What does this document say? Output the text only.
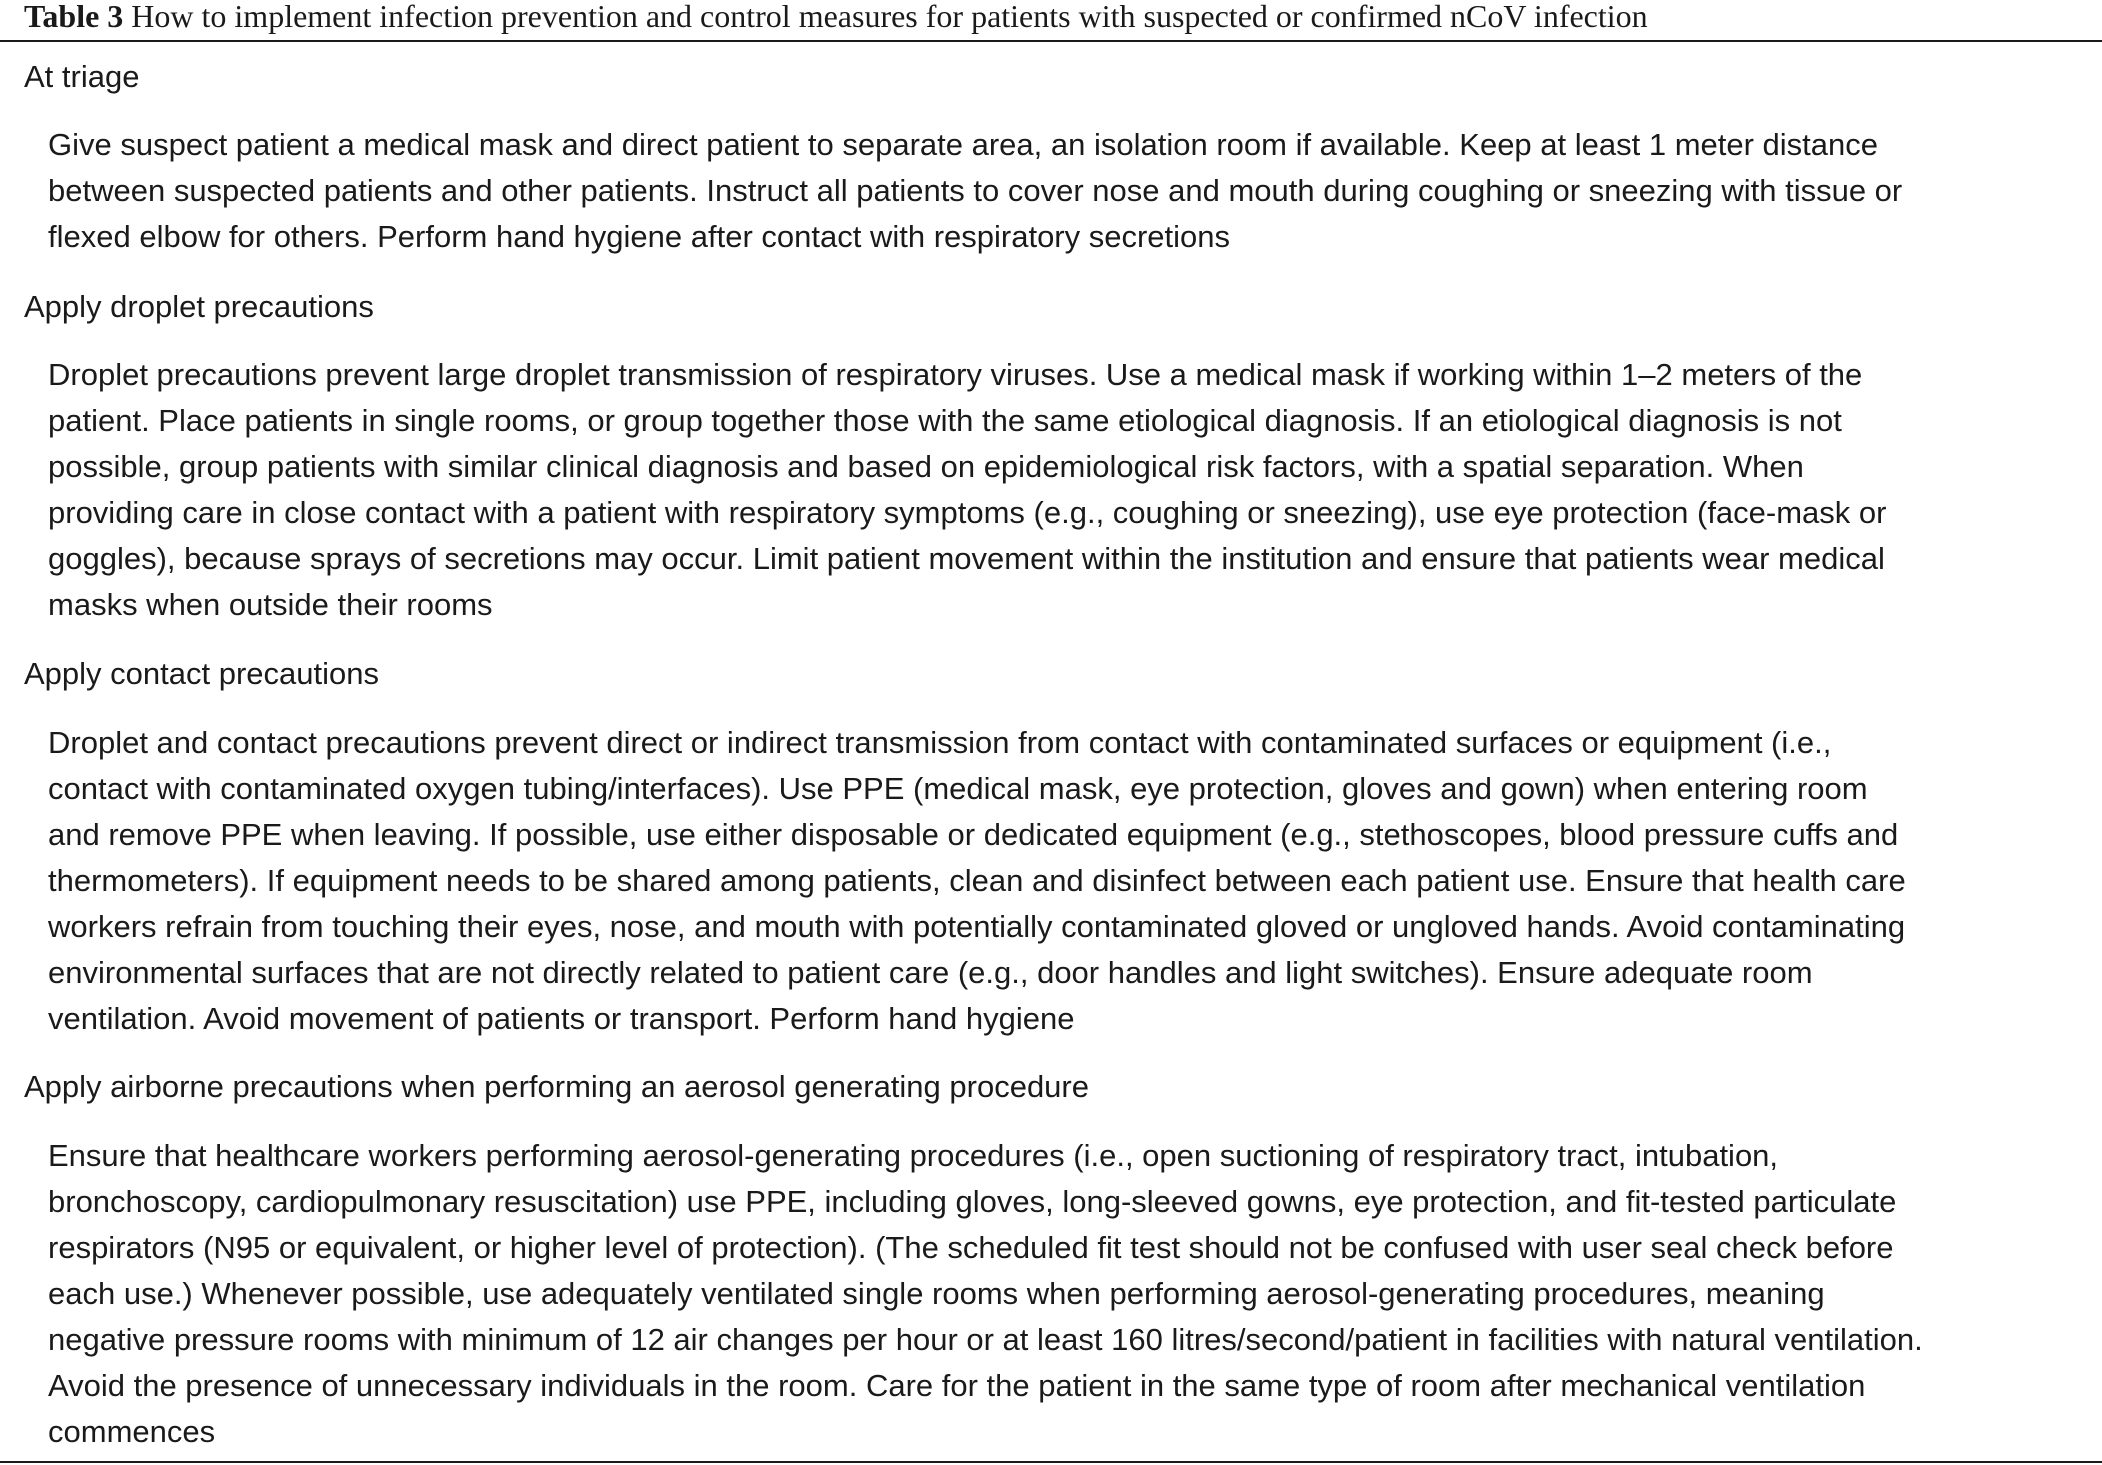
Table 3 How to implement infection prevention and control measures for patients with suspected or confirmed nCoV infection
At triage
Give suspect patient a medical mask and direct patient to separate area, an isolation room if available. Keep at least 1 meter distance
between suspected patients and other patients. Instruct all patients to cover nose and mouth during coughing or sneezing with tissue or
flexed elbow for others. Perform hand hygiene after contact with respiratory secretions
Apply droplet precautions
Droplet precautions prevent large droplet transmission of respiratory viruses. Use a medical mask if working within 1–2 meters of the
patient. Place patients in single rooms, or group together those with the same etiological diagnosis. If an etiological diagnosis is not
possible, group patients with similar clinical diagnosis and based on epidemiological risk factors, with a spatial separation. When
providing care in close contact with a patient with respiratory symptoms (e.g., coughing or sneezing), use eye protection (face-mask or
goggles), because sprays of secretions may occur. Limit patient movement within the institution and ensure that patients wear medical
masks when outside their rooms
Apply contact precautions
Droplet and contact precautions prevent direct or indirect transmission from contact with contaminated surfaces or equipment (i.e.,
contact with contaminated oxygen tubing/interfaces). Use PPE (medical mask, eye protection, gloves and gown) when entering room
and remove PPE when leaving. If possible, use either disposable or dedicated equipment (e.g., stethoscopes, blood pressure cuffs and
thermometers). If equipment needs to be shared among patients, clean and disinfect between each patient use. Ensure that health care
workers refrain from touching their eyes, nose, and mouth with potentially contaminated gloved or ungloved hands. Avoid contaminating
environmental surfaces that are not directly related to patient care (e.g., door handles and light switches). Ensure adequate room
ventilation. Avoid movement of patients or transport. Perform hand hygiene
Apply airborne precautions when performing an aerosol generating procedure
Ensure that healthcare workers performing aerosol-generating procedures (i.e., open suctioning of respiratory tract, intubation,
bronchoscopy, cardiopulmonary resuscitation) use PPE, including gloves, long-sleeved gowns, eye protection, and fit-tested particulate
respirators (N95 or equivalent, or higher level of protection). (The scheduled fit test should not be confused with user seal check before
each use.) Whenever possible, use adequately ventilated single rooms when performing aerosol-generating procedures, meaning
negative pressure rooms with minimum of 12 air changes per hour or at least 160 litres/second/patient in facilities with natural ventilation.
Avoid the presence of unnecessary individuals in the room. Care for the patient in the same type of room after mechanical ventilation
commences
